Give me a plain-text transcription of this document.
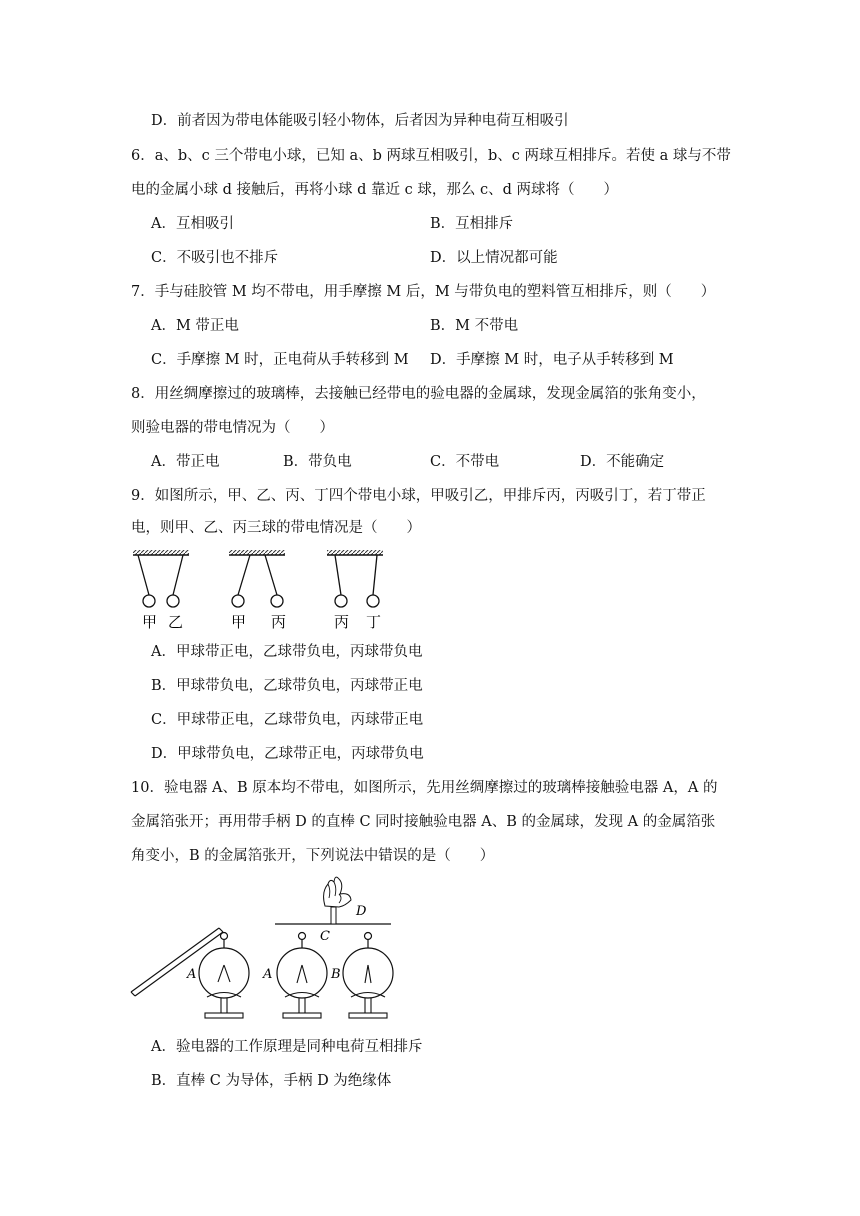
D．前者因为带电体能吸引轻小物体，后者因为异种电荷互相吸引
6．a、b、c 三个带电小球，已知 a、b 两球互相吸引，b、c 两球互相排斥。若使 a 球与不带
电的金属小球 d 接触后，再将小球 d 靠近 c 球，那么 c、d 两球将（　　）
A．互相吸引	B．互相排斥
C．不吸引也不排斥	D．以上情况都可能
7．手与硅胶管 M 均不带电，用手摩擦 M 后，M 与带负电的塑料管互相排斥，则（　　）
A．M 带正电	B．M 不带电
C．手摩擦 M 时，正电荷从手转移到 M D．手摩擦 M 时，电子从手转移到 M
8．用丝绸摩擦过的玻璃棒，去接触已经带电的验电器的金属球，发现金属箔的张角变小，
则验电器的带电情况为（　　）
A．带正电	B．带负电	C．不带电	D．不能确定
9．如图所示，甲、乙、丙、丁四个带电小球，甲吸引乙，甲排斥丙，丙吸引丁，若丁带正
电，则甲、乙、丙三球的带电情况是（　　）
甲 乙	甲 丙	丙 丁
A．甲球带正电，乙球带负电，丙球带负电
B．甲球带负电，乙球带负电，丙球带正电
C．甲球带正电，乙球带负电，丙球带正电
D．甲球带负电，乙球带正电，丙球带负电
10．验电器 A、B 原本均不带电，如图所示，先用丝绸摩擦过的玻璃棒接触验电器 A，A 的
金属箔张开；再用带手柄 D 的直棒 C 同时接触验电器 A、B 的金属球，发现 A 的金属箔张
角变小，B 的金属箔张开，下列说法中错误的是（　　）
A
C
D
A	B
A．验电器的工作原理是同种电荷互相排斥
B．直棒 C 为导体，手柄 D 为绝缘体
